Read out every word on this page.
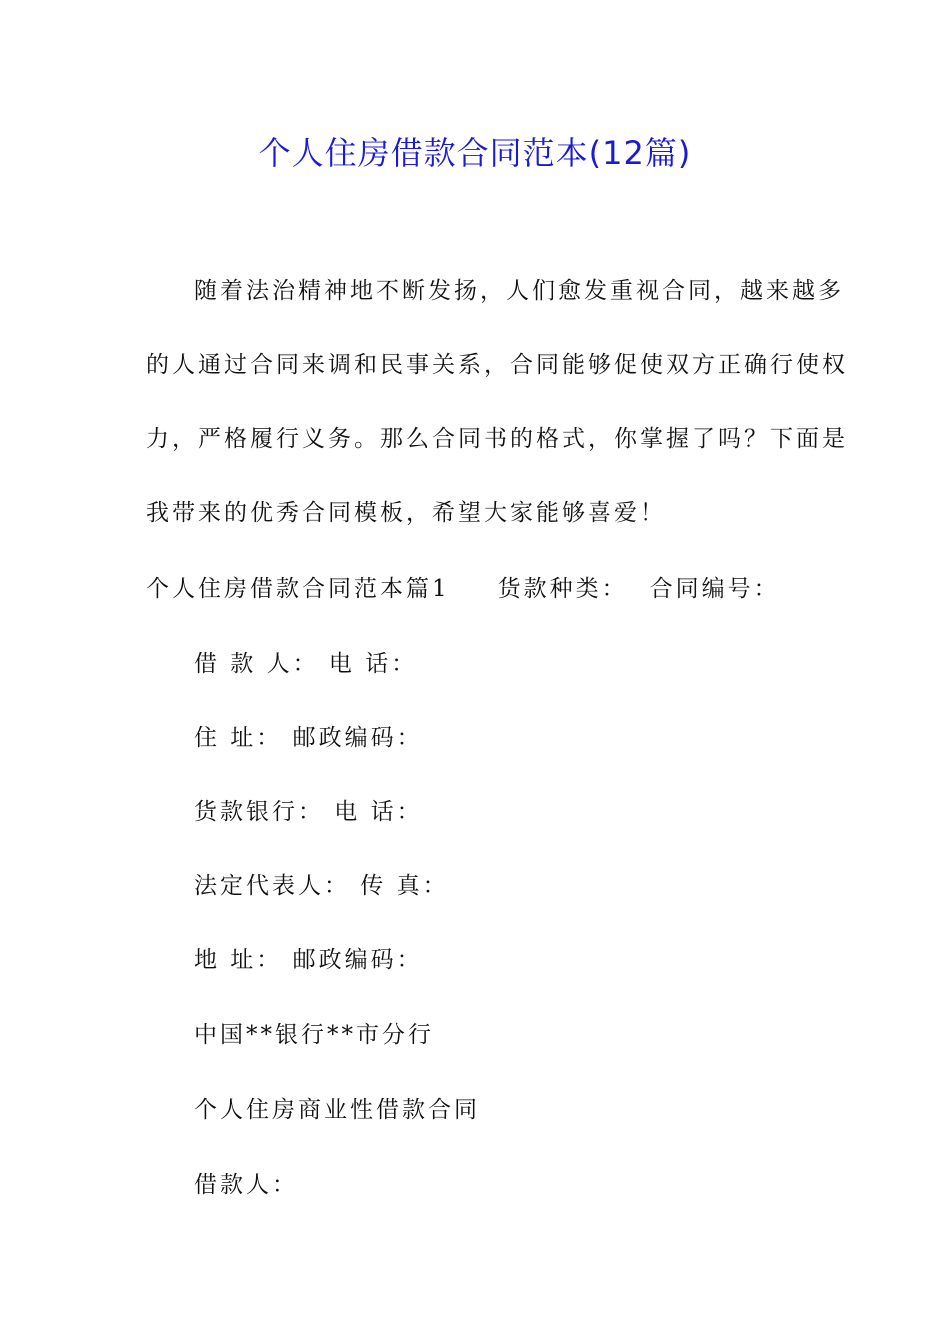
个人住房借款合同范本(12篇)
随着法治精神地不断发扬，人们愈发重视合同，越来越多
的人通过合同来调和民事关系，合同能够促使双方正确行使权
力，严格履行义务。那么合同书的格式，你掌握了吗？下面是
我带来的优秀合同模板，希望大家能够喜爱！
个人住房借款合同范本篇1 货款种类： 合同编号：
借 款 人： 电 话：
住 址： 邮政编码：
货款银行： 电 话：
法定代表人： 传 真：
地 址： 邮政编码：
中国**银行**市分行
个人住房商业性借款合同
借款人：
